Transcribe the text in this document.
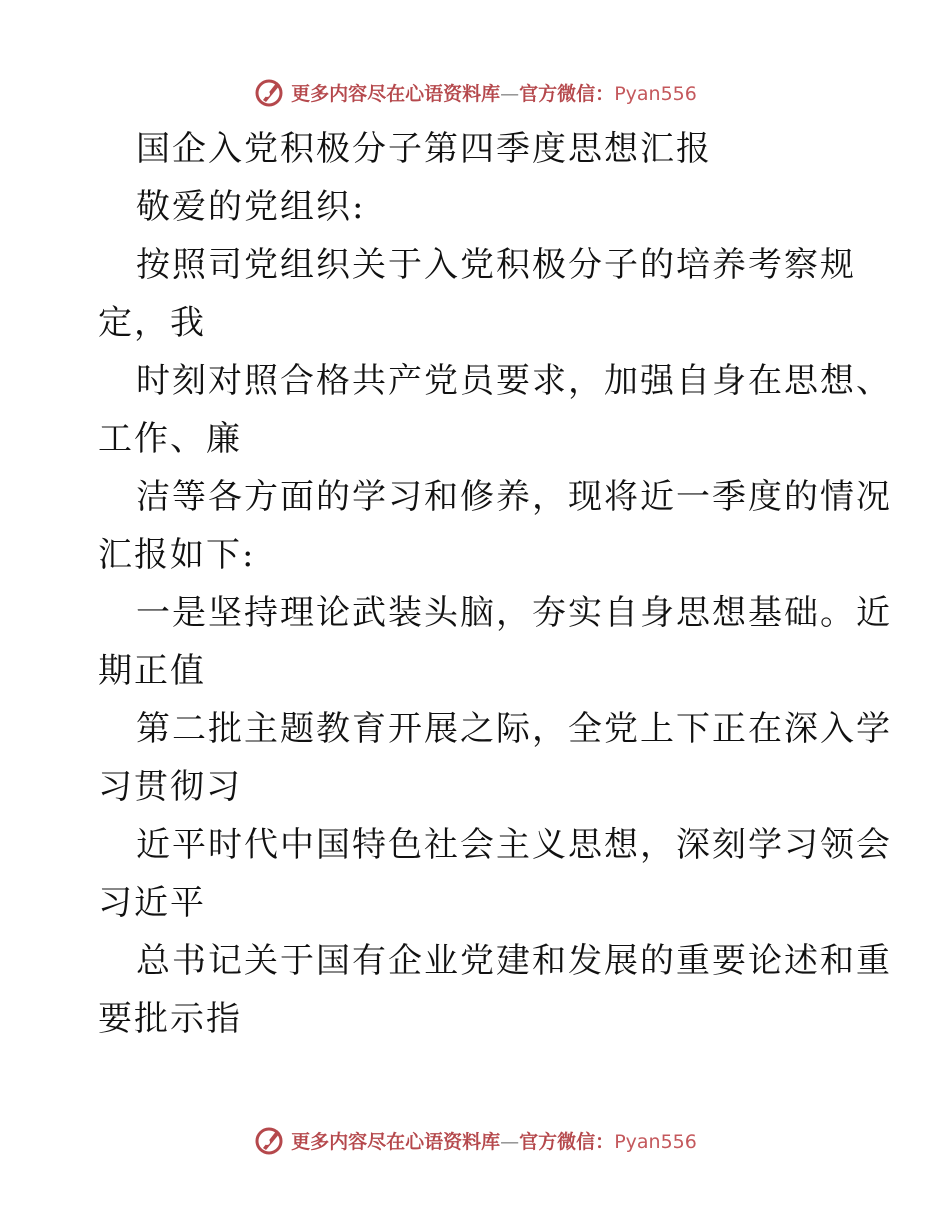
更多内容尽在心语资料库—官方微信：Pyan556
国企入党积极分子第四季度思想汇报
敬爱的党组织:
按照司党组织关于入党积极分子的培养考察规
定，我
时刻对照合格共产党员要求，加强自身在思想、
工作、廉
洁等各方面的学习和修养，现将近一季度的情况
汇报如下:
一是坚持理论武装头脑，夯实自身思想基础。近
期正值
第二批主题教育开展之际，全党上下正在深入学
习贯彻习
近平时代中国特色社会主义思想，深刻学习领会
习近平
总书记关于国有企业党建和发展的重要论述和重
要批示指
更多内容尽在心语资料库—官方微信：Pyan556
